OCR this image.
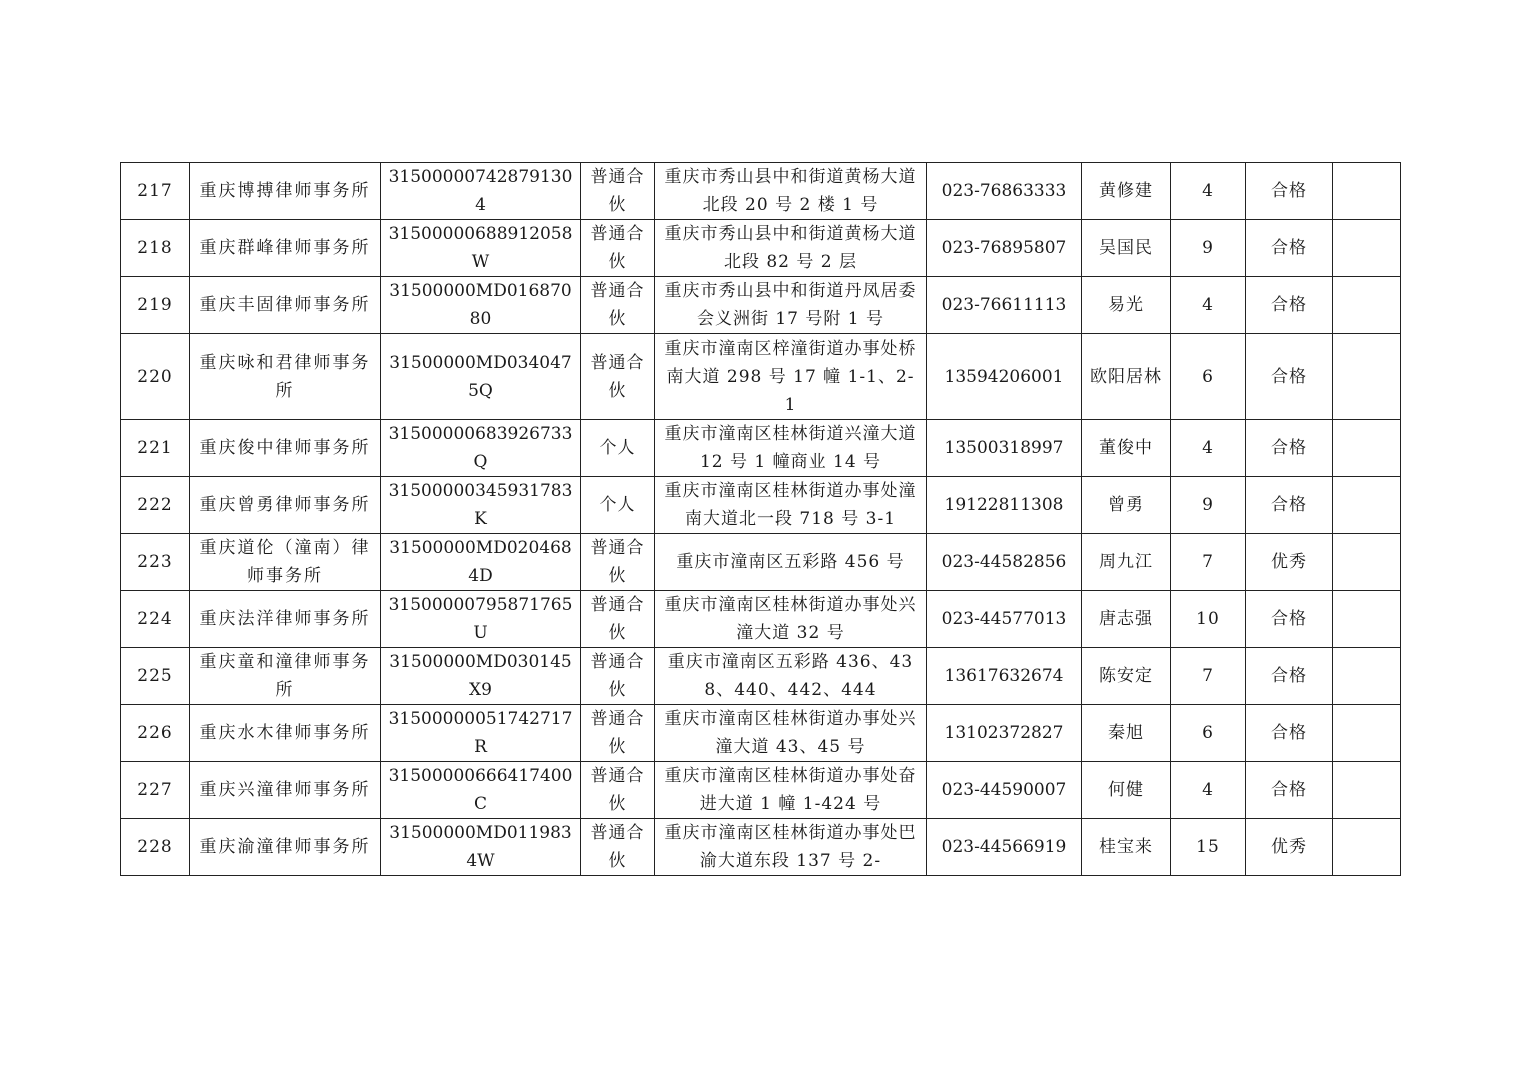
217	重庆博搏律师事务所	31500000742879130​4	普通合伙	重庆市秀山县中和街道黄杨大道北段 20 号 2 楼 1 号	023-76863333	黄修建	4	合格	
218	重庆群峰律师事务所	31500000688912058W	普通合伙	重庆市秀山县中和街道黄杨大道北段 82 号 2 层	023-76895807	吴国民	9	合格	
219	重庆丰固律师事务所	31500000MD01687080	普通合伙	重庆市秀山县中和街道丹凤居委会义洲街 17 号附 1 号	023-76611113	易光	4	合格	
220	重庆咏和君律师事务所	31500000MD0340475Q	普通合伙	重庆市潼南区梓潼街道办事处桥南大道 298 号 17 幢 1-1、2-1	13594206001	欧阳居林	6	合格	
221	重庆俊中律师事务所	31500000683926733Q	个人	重庆市潼南区桂林街道兴潼大道 12 号 1 幢商业 14 号	13500318997	董俊中	4	合格	
222	重庆曾勇律师事务所	31500000345931783K	个人	重庆市潼南区桂林街道办事处潼南大道北一段 718 号 3-1	19122811308	曾勇	9	合格	
223	重庆道伦（潼南）律师事务所	31500000MD0204684D	普通合伙	重庆市潼南区五彩路 456 号	023-44582856	周九江	7	优秀	
224	重庆法洋律师事务所	31500000795871765U	普通合伙	重庆市潼南区桂林街道办事处兴潼大道 32 号	023-44577013	唐志强	10	合格	
225	重庆童和潼律师事务所	31500000MD030145X9	普通合伙	重庆市潼南区五彩路 436、438、440、442、444	13617632674	陈安定	7	合格	
226	重庆水木律师事务所	31500000051742717R	普通合伙	重庆市潼南区桂林街道办事处兴潼大道 43、45 号	13102372827	秦旭	6	合格	
227	重庆兴潼律师事务所	31500000666417400C	普通合伙	重庆市潼南区桂林街道办事处奋进大道 1 幢 1-424 号	023-44590007	何健	4	合格	
228	重庆渝潼律师事务所	31500000MD0119834W	普通合伙	重庆市潼南区桂林街道办事处巴渝大道东段 137 号 2-	023-44566919	桂宝来	15	优秀	
